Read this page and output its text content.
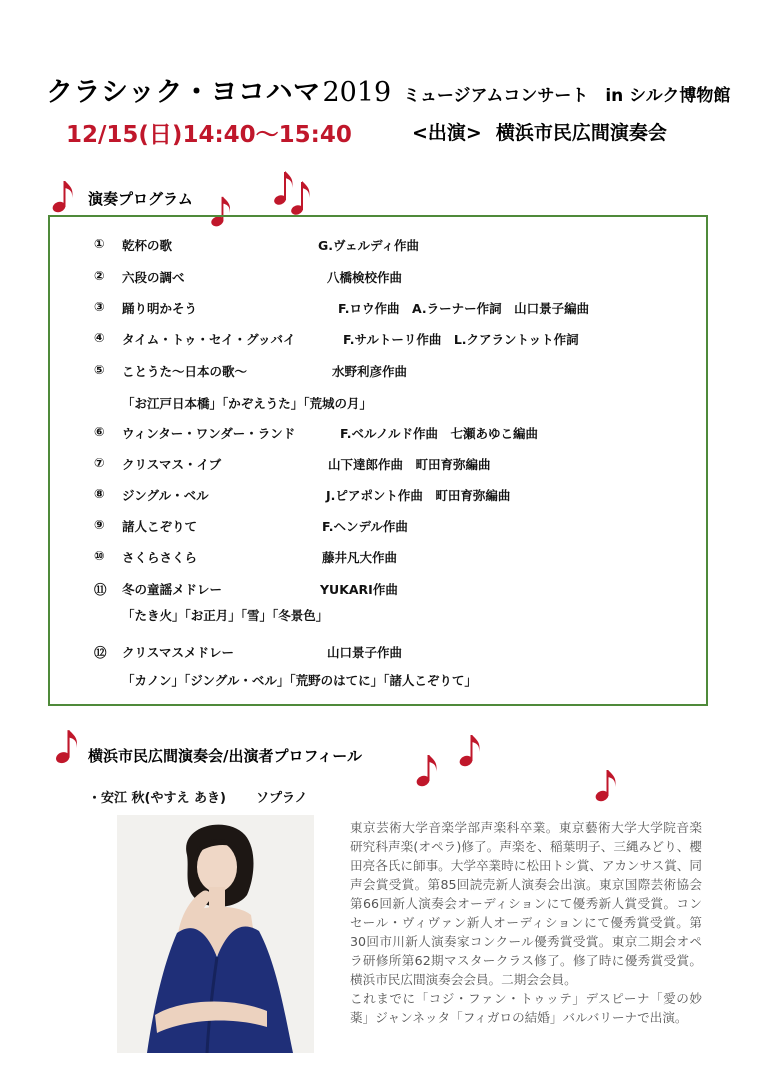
クラシック・ヨコハマ2019 ミュージアムコンサート　in シルク博物館
12/15(日)14:40〜15:40	<出演> 横浜市民広間演奏会
演奏プログラム
① 乾杯の歌	G.ヴェルディ作曲
② 六段の調べ	八橋検校作曲
③ 踊り明かそう	F.ロウ作曲　A.ラーナー作詞　山口景子編曲
④ タイム・トゥ・セイ・グッバイ	F.サルトーリ作曲　L.クアラントット作詞
⑤ ことうた〜日本の歌〜	水野利彦作曲
「お江戸日本橋」「かぞえうた」「荒城の月」
⑥ ウィンター・ワンダー・ランド	F.ベルノルド作曲　七瀬あゆこ編曲
⑦ クリスマス・イブ	山下達郎作曲　町田育弥編曲
⑧ ジングル・ベル	J.ピアポント作曲　町田育弥編曲
⑨ 諸人こぞりて	F.ヘンデル作曲
⑩ さくらさくら	藤井凡大作曲
⑪ 冬の童謡メドレー	YUKARI作曲
「たき火」「お正月」「雪」「冬景色」
⑫ クリスマスメドレー	山口景子作曲
「カノン」「ジングル・ベル」「荒野のはてに」「諸人こぞりて」
横浜市民広間演奏会/出演者プロフィール
・安江 秋(やすえ あき) ソプラノ

東京芸術大学音楽学部声楽科卒業。東京藝術大学大学院音楽研究科声楽(オペラ)修了。声楽を、稲葉明子、三縄みどり、櫻田亮各氏に師事。大学卒業時に松田トシ賞、アカンサス賞、同声会賞受賞。第85回読売新人演奏会出演。東京国際芸術協会第66回新人演奏会オーディションにて優秀新人賞受賞。コンセール・ヴィヴァン新人オーディションにて優秀賞受賞。第30回市川新人演奏家コンクール優秀賞受賞。東京二期会オペラ研修所第62期マスタークラス修了。修了時に優秀賞受賞。横浜市民広間演奏会会員。二期会会員。

これまでに「コジ・ファン・トゥッテ」デスピーナ「愛の妙薬」ジャンネッタ「フィガロの結婚」バルバリーナで出演。
